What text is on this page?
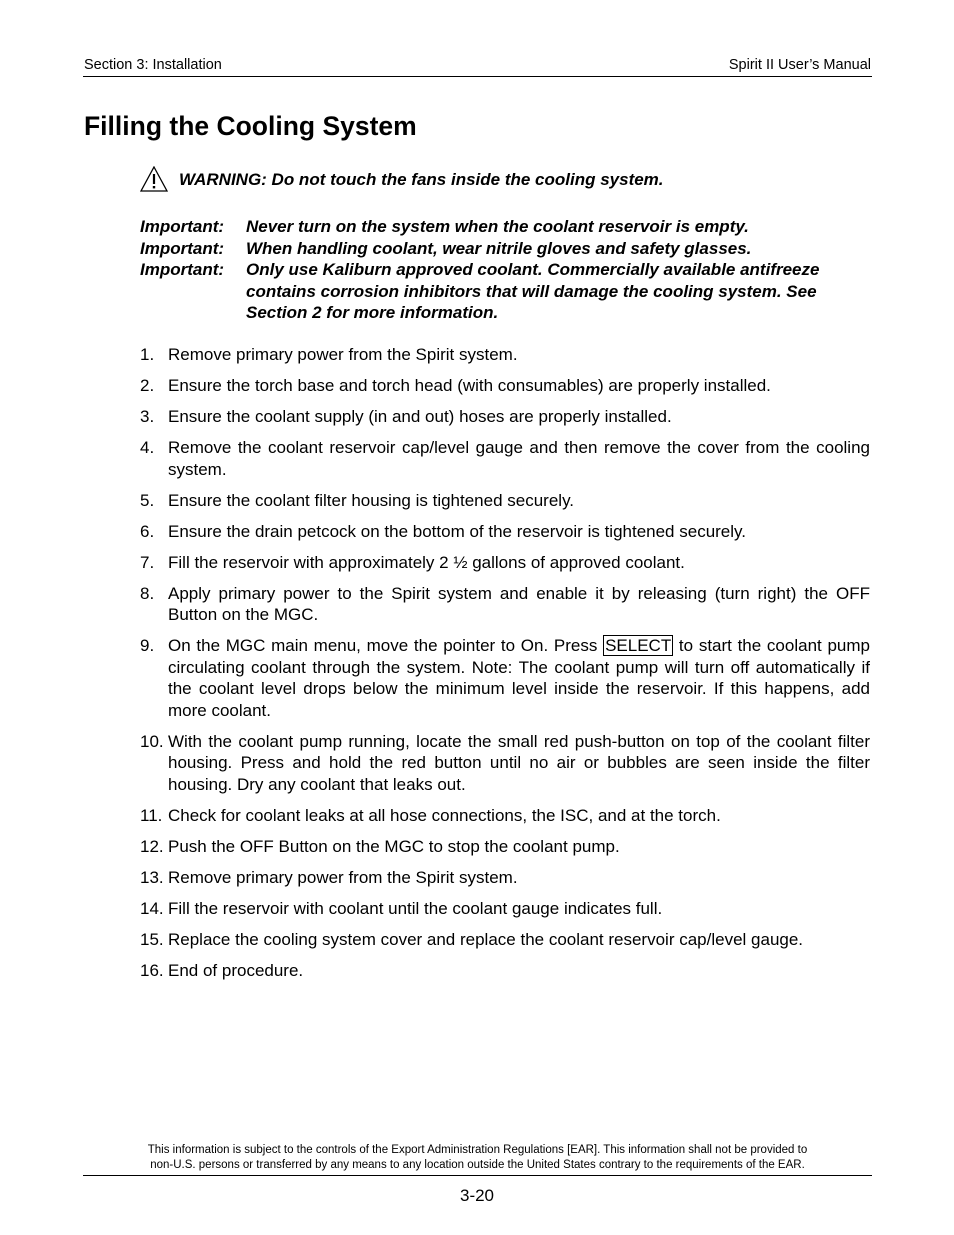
Section 3: Installation	Spirit II User’s Manual
Filling the Cooling System
WARNING: Do not touch the fans inside the cooling system.
Important: Never turn on the system when the coolant reservoir is empty.
Important: When handling coolant, wear nitrile gloves and safety glasses.
Important: Only use Kaliburn approved coolant. Commercially available antifreeze contains corrosion inhibitors that will damage the cooling system. See Section 2 for more information.
1. Remove primary power from the Spirit system.
2. Ensure the torch base and torch head (with consumables) are properly installed.
3. Ensure the coolant supply (in and out) hoses are properly installed.
4. Remove the coolant reservoir cap/level gauge and then remove the cover from the cooling system.
5. Ensure the coolant filter housing is tightened securely.
6. Ensure the drain petcock on the bottom of the reservoir is tightened securely.
7. Fill the reservoir with approximately 2 ½ gallons of approved coolant.
8. Apply primary power to the Spirit system and enable it by releasing (turn right) the OFF Button on the MGC.
9. On the MGC main menu, move the pointer to On. Press SELECT to start the coolant pump circulating coolant through the system. Note: The coolant pump will turn off automatically if the coolant level drops below the minimum level inside the reservoir. If this happens, add more coolant.
10. With the coolant pump running, locate the small red push-button on top of the coolant filter housing. Press and hold the red button until no air or bubbles are seen inside the filter housing. Dry any coolant that leaks out.
11. Check for coolant leaks at all hose connections, the ISC, and at the torch.
12. Push the OFF Button on the MGC to stop the coolant pump.
13. Remove primary power from the Spirit system.
14. Fill the reservoir with coolant until the coolant gauge indicates full.
15. Replace the cooling system cover and replace the coolant reservoir cap/level gauge.
16. End of procedure.
This information is subject to the controls of the Export Administration Regulations [EAR]. This information shall not be provided to
non-U.S. persons or transferred by any means to any location outside the United States contrary to the requirements of the EAR.
3-20
